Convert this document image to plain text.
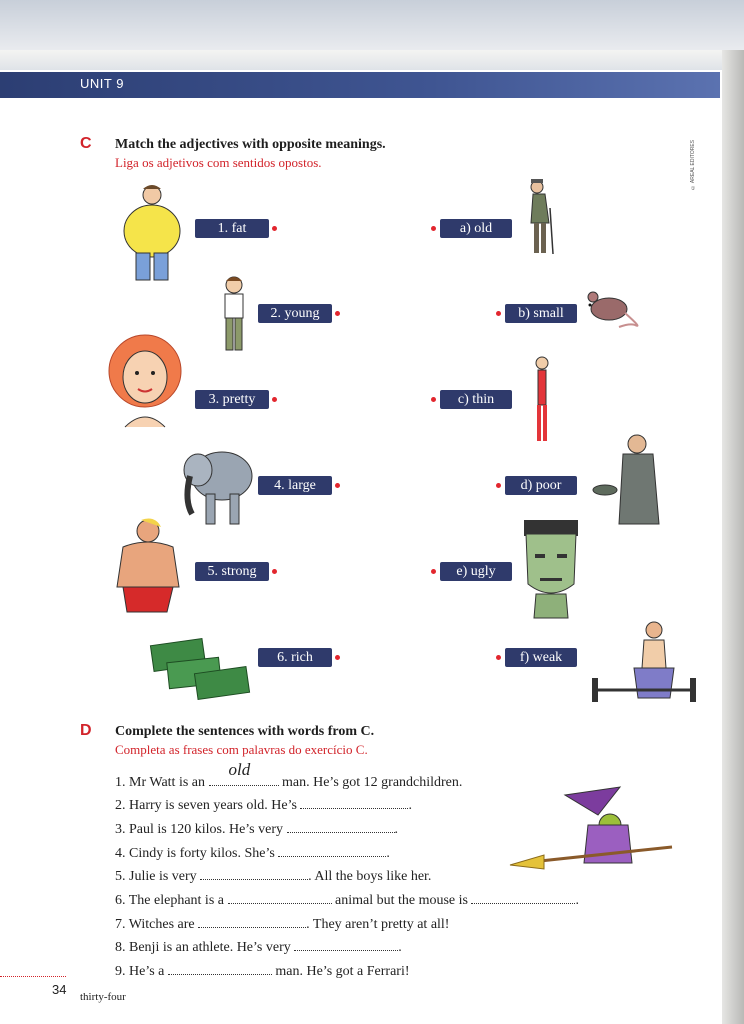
UNIT 9
© AREAL EDITORES
C Match the adjectives with opposite meanings.
Liga os adjetivos com sentidos opostos.
1. fat
2. young
3. pretty
4. large
5. strong
6. rich
a) old
b) small
c) thin
d) poor
e) ugly
f) weak
D Complete the sentences with words from C.
Completa as frases com palavras do exercício C.
1. Mr Watt is an
old
man. He’s got 12 grandchildren.
2. Harry is seven years old. He’s	.
3. Paul is 120 kilos. He’s very	.
4. Cindy is forty kilos. She’s	.
5. Julie is very	. All the boys like her.
6. The elephant is a	animal but the mouse is	.
7. Witches are	. They aren’t pretty at all!
8. Benji is an athlete. He’s very	.
9. He’s a	man. He’s got a Ferrari!
34 thirty-four
